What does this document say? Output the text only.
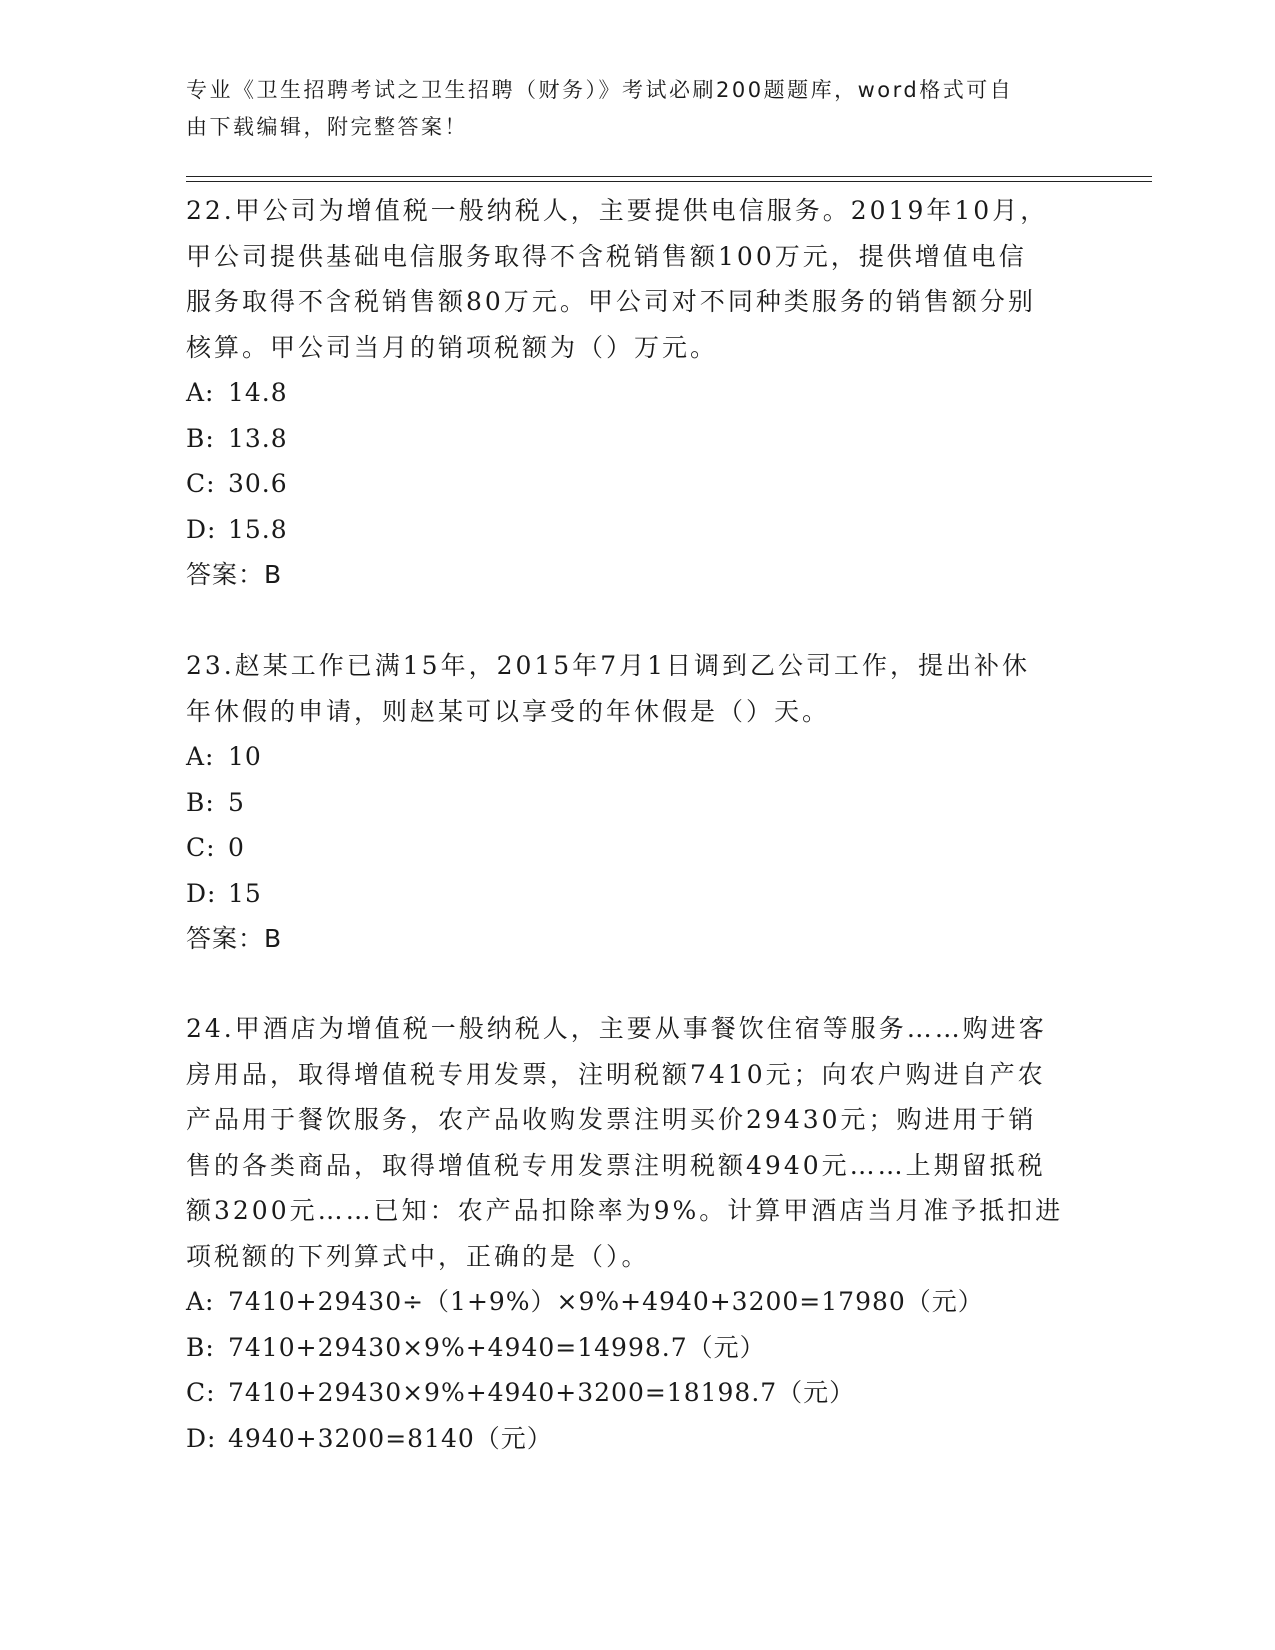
专业《卫生招聘考试之卫生招聘（财务）》考试必刷200题题库，word格式可自
由下载编辑，附完整答案！

22.甲公司为增值税一般纳税人，主要提供电信服务。2019年10月，

甲公司提供基础电信服务取得不含税销售额100万元，提供增值电信

服务取得不含税销售额80万元。甲公司对不同种类服务的销售额分别

核算。甲公司当月的销项税额为（）万元。

A: 14.8

B: 13.8

C: 30.6

D: 15.8

答案：B

23.赵某工作已满15年，2015年7月1日调到乙公司工作，提出补休

年休假的申请，则赵某可以享受的年休假是（）天。

A: 10

B: 5

C: 0

D: 15

答案：B

24.甲酒店为增值税一般纳税人，主要从事餐饮住宿等服务……购进客

房用品，取得增值税专用发票，注明税额7410元；向农户购进自产农

产品用于餐饮服务，农产品收购发票注明买价29430元；购进用于销

售的各类商品，取得增值税专用发票注明税额4940元……上期留抵税

额3200元……已知：农产品扣除率为9%。计算甲酒店当月准予抵扣进

项税额的下列算式中，正确的是（）。

A: 7410+29430÷（1+9%）×9%+4940+3200=17980（元）

B: 7410+29430×9%+4940=14998.7（元）

C: 7410+29430×9%+4940+3200=18198.7（元）

D: 4940+3200=8140（元）
